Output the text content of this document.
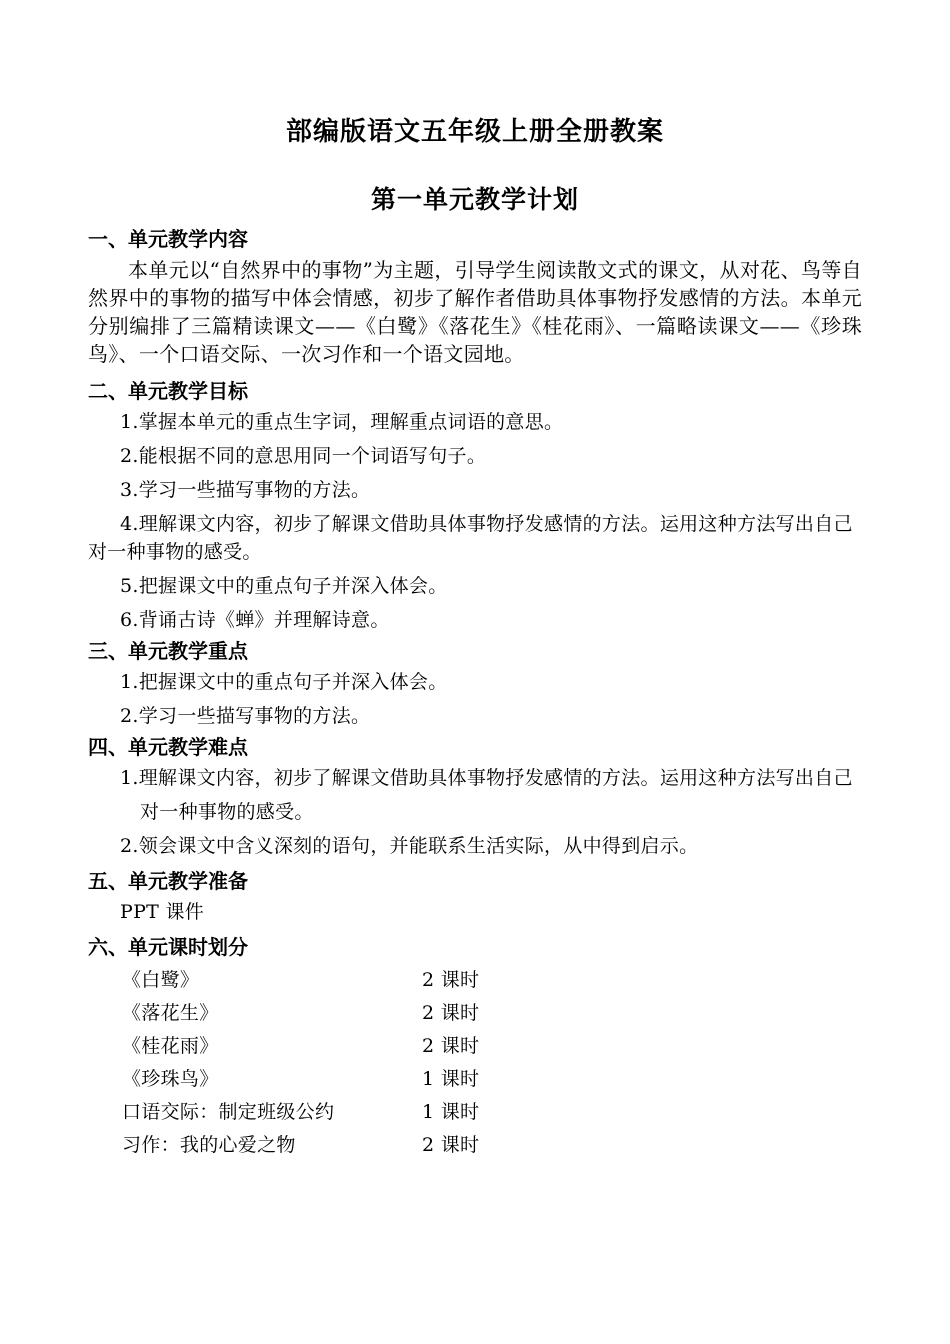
部编版语文五年级上册全册教案
第一单元教学计划

一、单元教学内容

本单元以“自然界中的事物”为主题，引导学生阅读散文式的课文，从对花、鸟等自然界中的事物的描写中体会情感，初步了解作者借助具体事物抒发感情的方法。本单元分别编排了三篇精读课文——《白鹭》《落花生》《桂花雨》、一篇略读课文——《珍珠鸟》、一个口语交际、一次习作和一个语文园地。

二、单元教学目标

1.掌握本单元的重点生字词，理解重点词语的意思。

2.能根据不同的意思用同一个词语写句子。

3.学习一些描写事物的方法。

4.理解课文内容，初步了解课文借助具体事物抒发感情的方法。运用这种方法写出自己对一种事物的感受。

5.把握课文中的重点句子并深入体会。

6.背诵古诗《蝉》并理解诗意。

三、单元教学重点

1.把握课文中的重点句子并深入体会。

2.学习一些描写事物的方法。

四、单元教学难点

1.理解课文内容，初步了解课文借助具体事物抒发感情的方法。运用这种方法写出自己

对一种事物的感受。

2.领会课文中含义深刻的语句，并能联系生活实际，从中得到启示。

五、单元教学准备

PPT 课件

六、单元课时划分

《白鹭》	2 课时
《落花生》	2 课时
《桂花雨》	2 课时
《珍珠鸟》	1 课时
口语交际：制定班级公约	1 课时
习作：我的心爱之物	2 课时
